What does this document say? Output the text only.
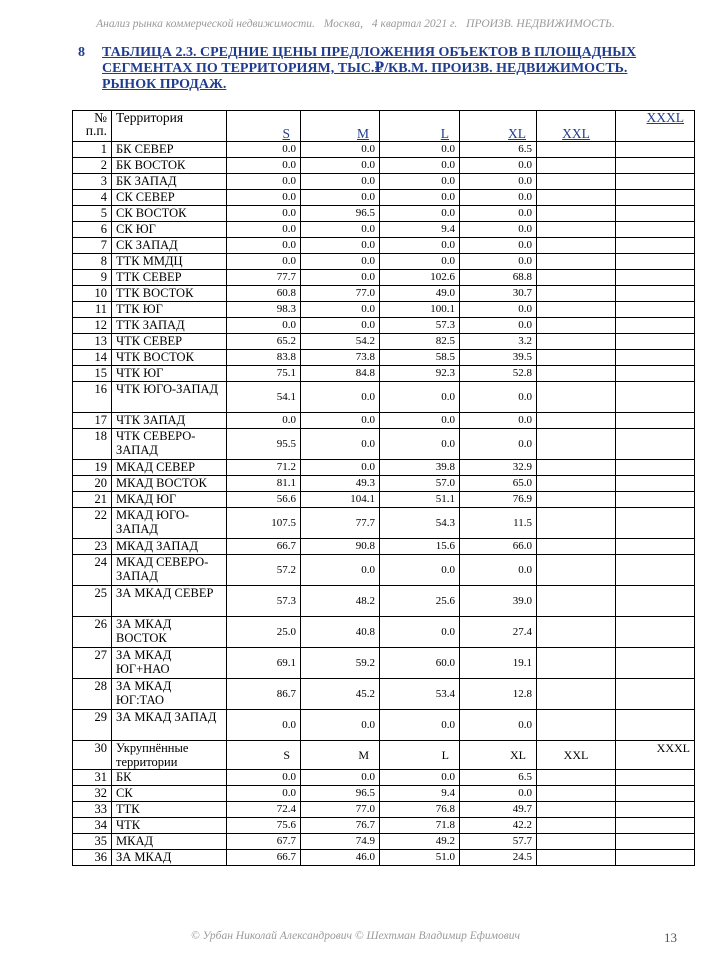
Анализ рынка коммерческой недвижимости. Москва, 4 квартал 2021 г. ПРОИЗВ. НЕДВИЖИМОСТЬ.
8	ТАБЛИЦА 2.3. СРЕДНИЕ ЦЕНЫ ПРЕДЛОЖЕНИЯ ОБЪЕКТОВ В ПЛОЩАДНЫХ СЕГМЕНТАХ ПО ТЕРРИТОРИЯМ, ТЫС.₽/КВ.М. ПРОИЗВ. НЕДВИЖИМОСТЬ. РЫНОК ПРОДАЖ.
№ п.п.	Территория	S	M	L	XL	XXL	XXXL
1	БК СЕВЕР	0.0	0.0	0.0	6.5		
2	БК ВОСТОК	0.0	0.0	0.0	0.0		
3	БК ЗАПАД	0.0	0.0	0.0	0.0		
4	СК СЕВЕР	0.0	0.0	0.0	0.0		
5	СК ВОСТОК	0.0	96.5	0.0	0.0		
6	СК ЮГ	0.0	0.0	9.4	0.0		
7	СК ЗАПАД	0.0	0.0	0.0	0.0		
8	ТТК ММДЦ	0.0	0.0	0.0	0.0		
9	ТТК СЕВЕР	77.7	0.0	102.6	68.8		
10	ТТК ВОСТОК	60.8	77.0	49.0	30.7		
11	ТТК ЮГ	98.3	0.0	100.1	0.0		
12	ТТК ЗАПАД	0.0	0.0	57.3	0.0		
13	ЧТК СЕВЕР	65.2	54.2	82.5	3.2		
14	ЧТК ВОСТОК	83.8	73.8	58.5	39.5		
15	ЧТК ЮГ	75.1	84.8	92.3	52.8		
16	ЧТК ЮГО-ЗАПАД	54.1	0.0	0.0	0.0		
17	ЧТК ЗАПАД	0.0	0.0	0.0	0.0		
18	ЧТК СЕВЕРО-ЗАПАД	95.5	0.0	0.0	0.0		
19	МКАД СЕВЕР	71.2	0.0	39.8	32.9		
20	МКАД ВОСТОК	81.1	49.3	57.0	65.0		
21	МКАД ЮГ	56.6	104.1	51.1	76.9		
22	МКАД ЮГО-ЗАПАД	107.5	77.7	54.3	11.5		
23	МКАД ЗАПАД	66.7	90.8	15.6	66.0		
24	МКАД СЕВЕРО-ЗАПАД	57.2	0.0	0.0	0.0		
25	ЗА МКАД СЕВЕР	57.3	48.2	25.6	39.0		
26	ЗА МКАД ВОСТОК	25.0	40.8	0.0	27.4		
27	ЗА МКАД ЮГ+НАО	69.1	59.2	60.0	19.1		
28	ЗА МКАД ЮГ:ТАО	86.7	45.2	53.4	12.8		
29	ЗА МКАД ЗАПАД	0.0	0.0	0.0	0.0		
30	Укрупнённые территории	S	M	L	XL	XXL	XXXL
31	БК	0.0	0.0	0.0	6.5		
32	СК	0.0	96.5	9.4	0.0		
33	ТТК	72.4	77.0	76.8	49.7		
34	ЧТК	75.6	76.7	71.8	42.2		
35	МКАД	67.7	74.9	49.2	57.7		
36	ЗА МКАД	66.7	46.0	51.0	24.5		
© Урбан Николай Александрович © Шехтман Владимир Ефимович	13
